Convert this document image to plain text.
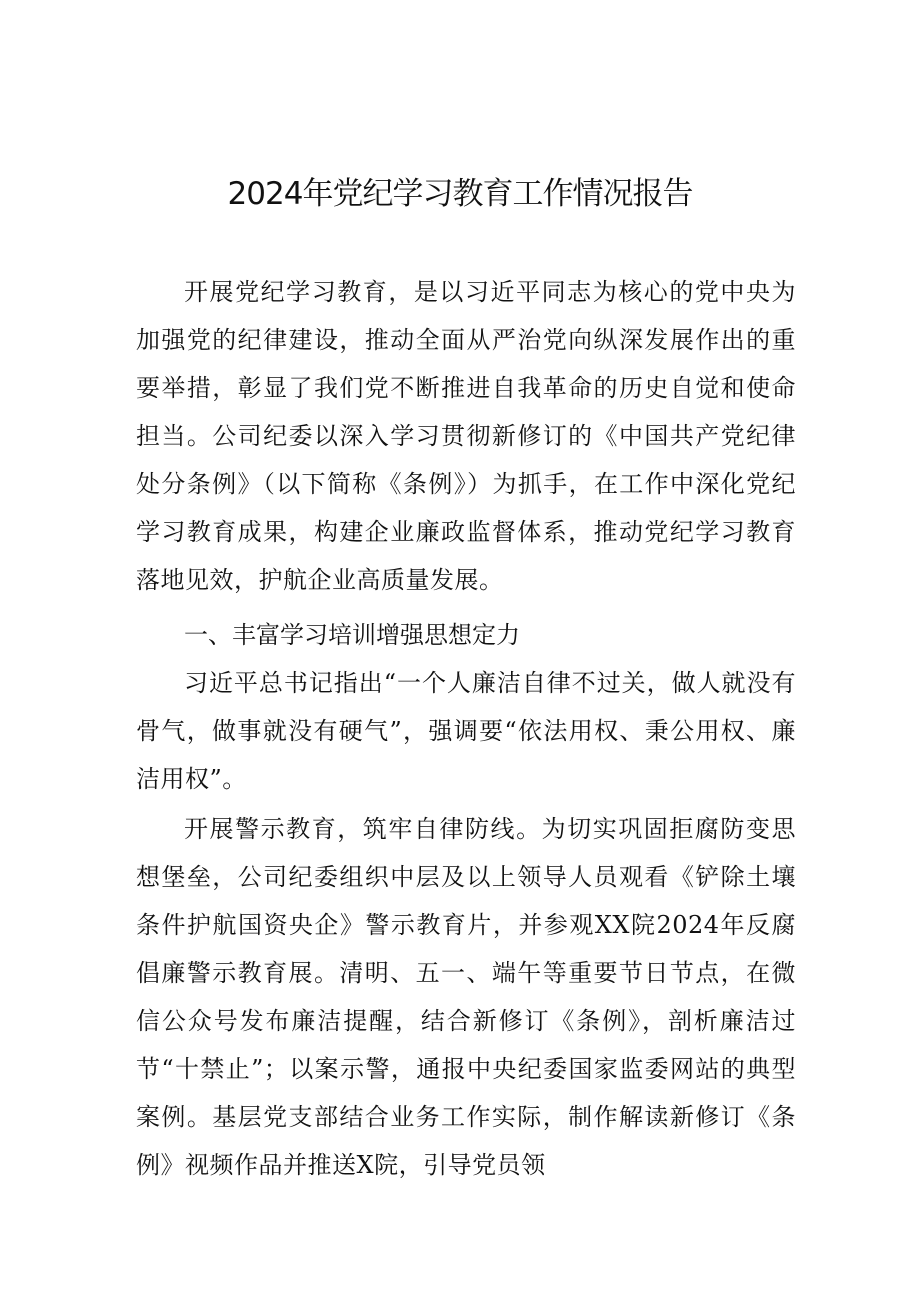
2024年党纪学习教育工作情况报告

开展党纪学习教育，是以习近平同志为核心的党中央为加强党的纪律建设，推动全面从严治党向纵深发展作出的重要举措，彰显了我们党不断推进自我革命的历史自觉和使命担当。公司纪委以深入学习贯彻新修订的《中国共产党纪律处分条例》（以下简称《条例》）为抓手，在工作中深化党纪学习教育成果，构建企业廉政监督体系，推动党纪学习教育落地见效，护航企业高质量发展。

一、丰富学习培训增强思想定力

习近平总书记指出“一个人廉洁自律不过关，做人就没有骨气，做事就没有硬气”，强调要“依法用权、秉公用权、廉洁用权”。

开展警示教育，筑牢自律防线。为切实巩固拒腐防变思想堡垒，公司纪委组织中层及以上领导人员观看《铲除土壤条件护航国资央企》警示教育片，并参观XX院2024年反腐倡廉警示教育展。清明、五一、端午等重要节日节点，在微信公众号发布廉洁提醒，结合新修订《条例》，剖析廉洁过节“十禁止”；以案示警，通报中央纪委国家监委网站的典型案例。基层党支部结合业务工作实际，制作解读新修订《条例》视频作品并推送X院，引导党员领
